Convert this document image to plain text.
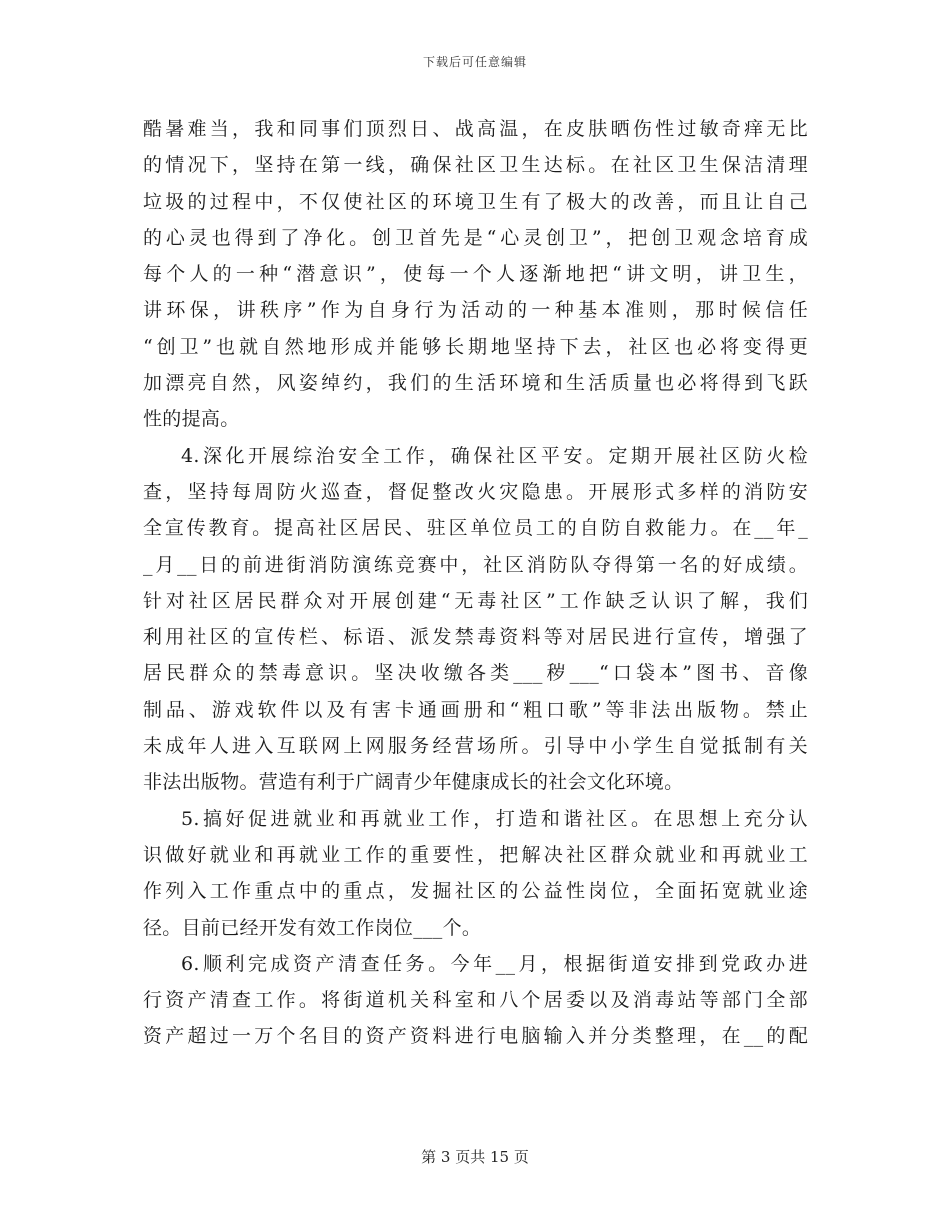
下载后可任意编辑
酷暑难当，我和同事们顶烈日、战高温，在皮肤晒伤性过敏奇痒无比
的情况下，坚持在第一线，确保社区卫生达标。在社区卫生保洁清理
垃圾的过程中，不仅使社区的环境卫生有了极大的改善，而且让自己
的心灵也得到了净化。创卫首先是“心灵创卫”，把创卫观念培育成
每个人的一种“潜意识”，使每一个人逐渐地把“讲文明，讲卫生，
讲环保，讲秩序”作为自身行为活动的一种基本准则，那时候信任
“创卫”也就自然地形成并能够长期地坚持下去，社区也必将变得更
加漂亮自然，风姿绰约，我们的生活环境和生活质量也必将得到飞跃
性的提高。
4.深化开展综治安全工作，确保社区平安。定期开展社区防火检
查，坚持每周防火巡查，督促整改火灾隐患。开展形式多样的消防安
全宣传教育。提高社区居民、驻区单位员工的自防自救能力。在__年_
_月__日的前进街消防演练竞赛中，社区消防队夺得第一名的好成绩。
针对社区居民群众对开展创建“无毒社区”工作缺乏认识了解，我们
利用社区的宣传栏、标语、派发禁毒资料等对居民进行宣传，增强了
居民群众的禁毒意识。坚决收缴各类___秽___“口袋本”图书、音像
制品、游戏软件以及有害卡通画册和“粗口歌”等非法出版物。禁止
未成年人进入互联网上网服务经营场所。引导中小学生自觉抵制有关
非法出版物。营造有利于广阔青少年健康成长的社会文化环境。
5.搞好促进就业和再就业工作，打造和谐社区。在思想上充分认
识做好就业和再就业工作的重要性，把解决社区群众就业和再就业工
作列入工作重点中的重点，发掘社区的公益性岗位，全面拓宽就业途
径。目前已经开发有效工作岗位___个。
6.顺利完成资产清查任务。今年__月，根据街道安排到党政办进
行资产清查工作。将街道机关科室和八个居委以及消毒站等部门全部
资产超过一万个名目的资产资料进行电脑输入并分类整理，在__的配
第 3 页共 15 页
